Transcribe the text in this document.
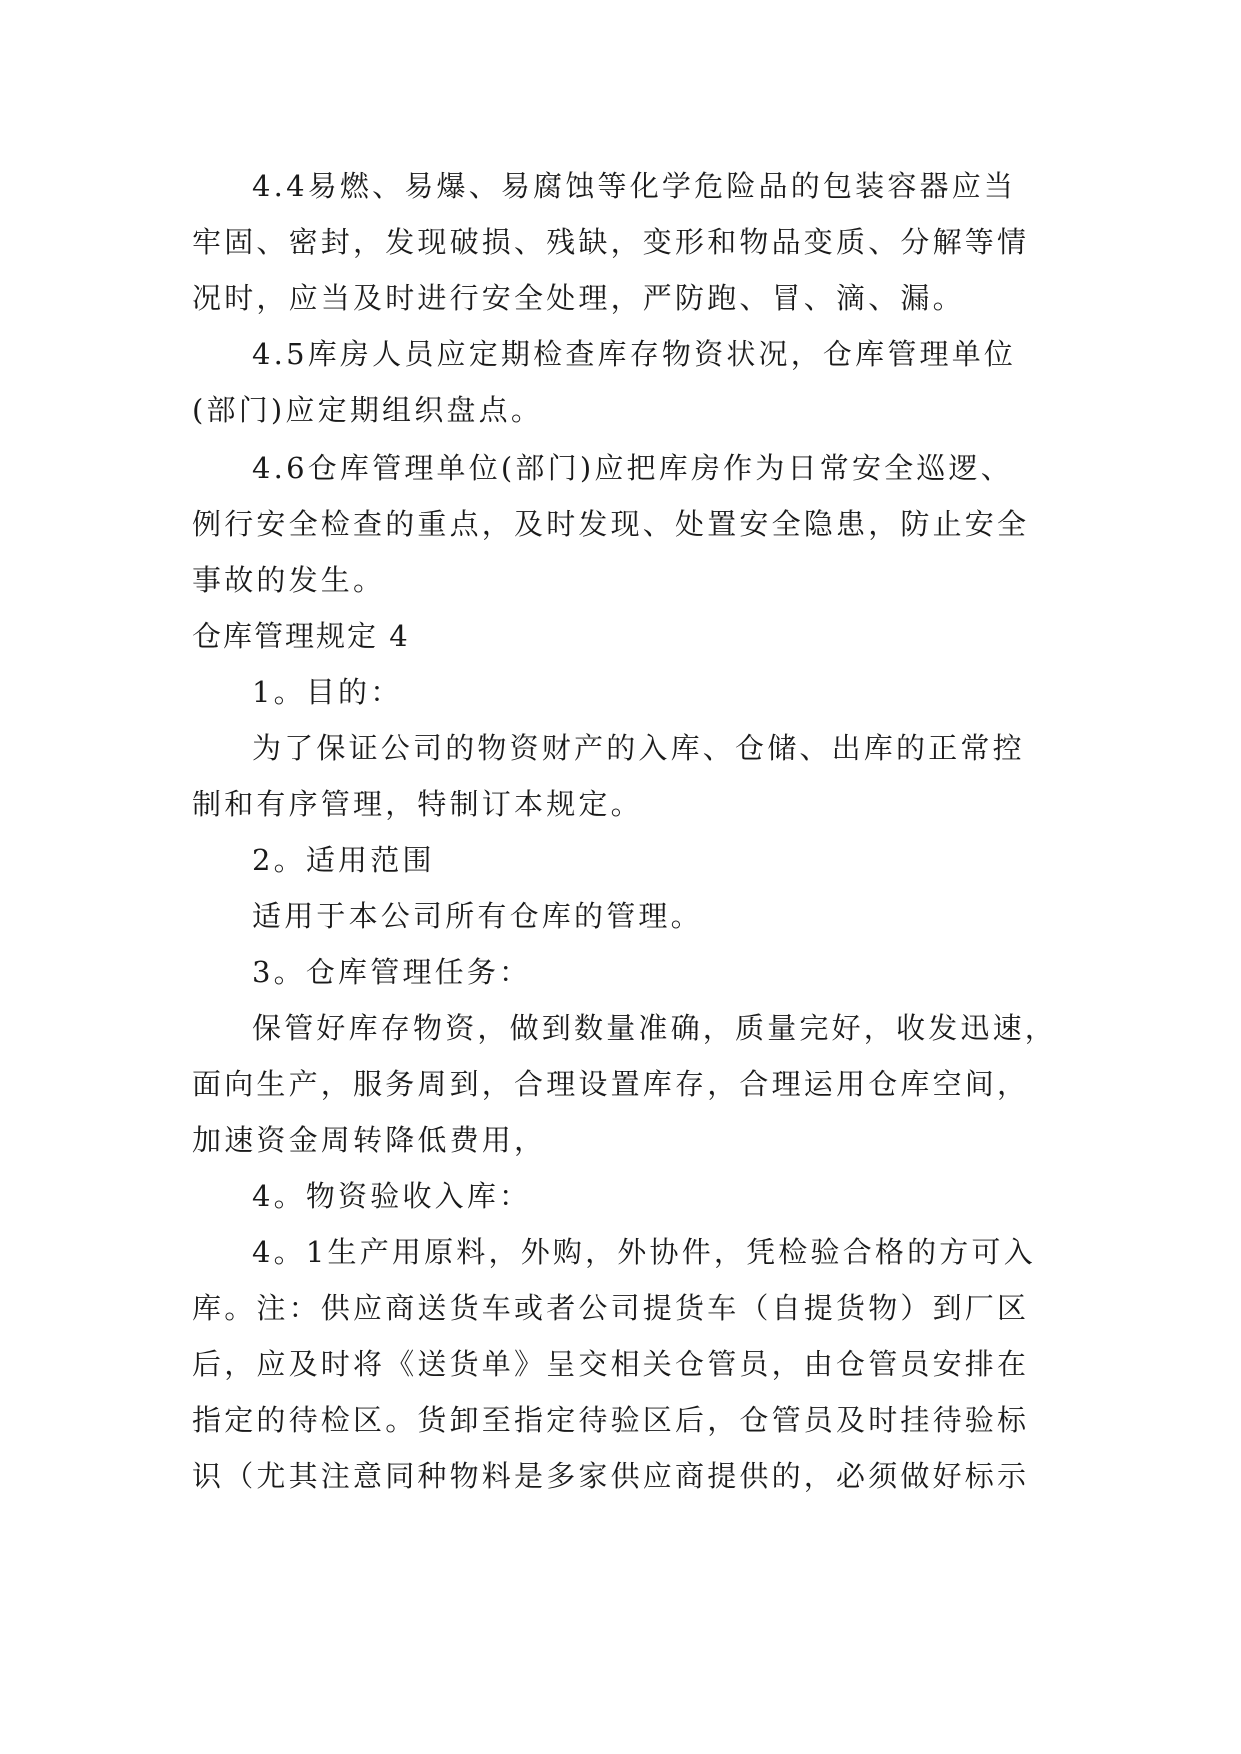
4.4易燃、易爆、易腐蚀等化学危险品的包装容器应当
牢固、密封，发现破损、残缺，变形和物品变质、分解等情
况时，应当及时进行安全处理，严防跑、冒、滴、漏。
4.5库房人员应定期检查库存物资状况，仓库管理单位
(部门)应定期组织盘点。
4.6仓库管理单位(部门)应把库房作为日常安全巡逻、
例行安全检查的重点，及时发现、处置安全隐患，防止安全
事故的发生。
仓库管理规定 4
1。目的：
为了保证公司的物资财产的入库、仓储、出库的正常控
制和有序管理，特制订本规定。
2。适用范围
适用于本公司所有仓库的管理。
3。仓库管理任务：
保管好库存物资，做到数量准确，质量完好，收发迅速，
面向生产，服务周到，合理设置库存，合理运用仓库空间，
加速资金周转降低费用，
4。物资验收入库：
4。1生产用原料，外购，外协件，凭检验合格的方可入
库。注：供应商送货车或者公司提货车（自提货物）到厂区
后，应及时将《送货单》呈交相关仓管员，由仓管员安排在
指定的待检区。货卸至指定待验区后，仓管员及时挂待验标
识（尤其注意同种物料是多家供应商提供的，必须做好标示
